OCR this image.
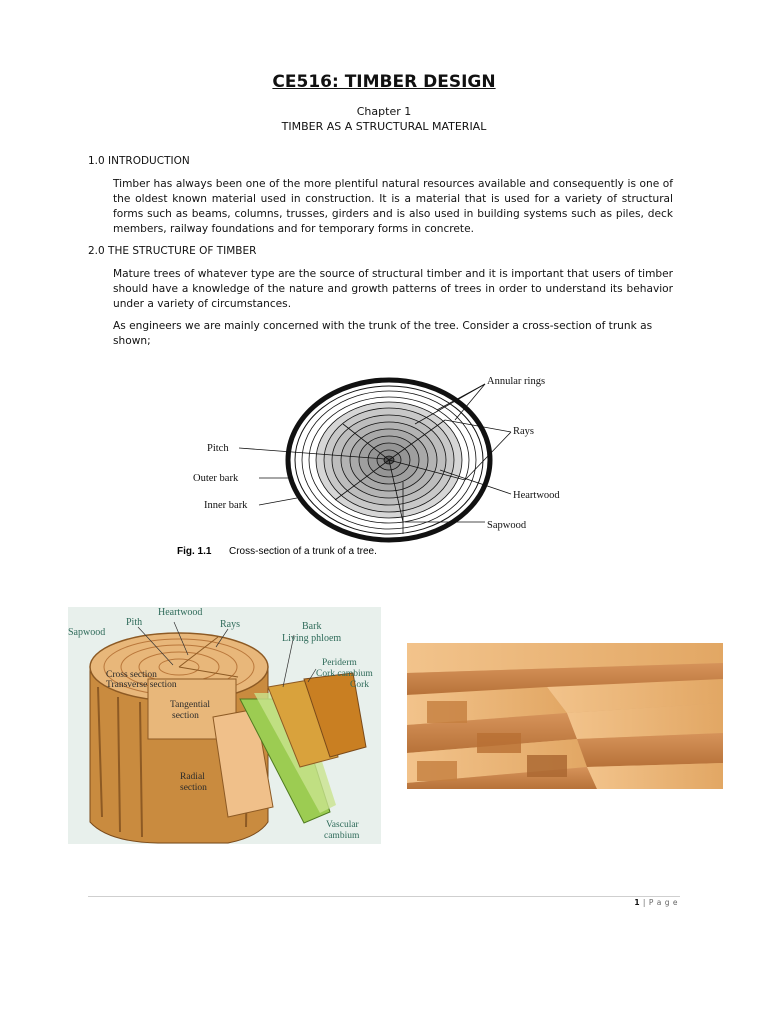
CE516: TIMBER DESIGN
Chapter 1
TIMBER AS A STRUCTURAL MATERIAL
1.0 INTRODUCTION
Timber has always been one of the more plentiful natural resources available and consequently is one of the oldest known material used in construction. It is a material that is used for a variety of structural forms such as beams, columns, trusses, girders and is also used in building systems such as piles, deck members, railway foundations and for temporary forms in concrete.
2.0 THE STRUCTURE OF TIMBER
Mature trees of whatever type are the source of structural timber and it is important that users of timber should have a knowledge of the nature and growth patterns of trees in order to understand its behavior under a variety of circumstances.
As engineers we are mainly concerned with the trunk of the tree. Consider a cross-section of trunk as shown;
Annular rings
Rays
Pitch
Outer bark
Inner bark
Heartwood
Sapwood
Fig. 1.1 Cross-section of a trunk of a tree.
Heartwood
Sapwood
Pith	Rays	Bark
Living phloem
Periderm
Cork cambium
Cork
Cross section
Transverse section
Tangential
section
Radial
section
Vascular
cambium
1 | P a g e
